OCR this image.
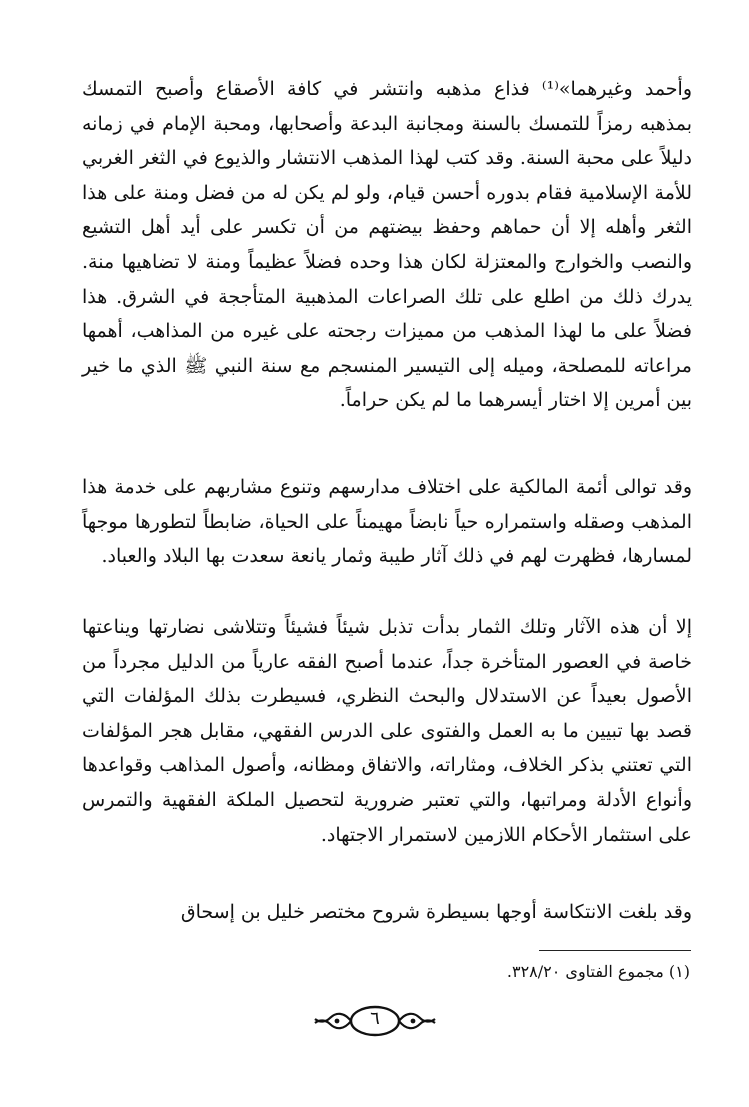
وأحمد وغيرهما»⁽¹⁾ فذاع مذهبه وانتشر في كافة الأصقاع وأصبح التمسك بمذهبه رمزاً للتمسك بالسنة ومجانبة البدعة وأصحابها، ومحبة الإمام في زمانه دليلاً على محبة السنة. وقد كتب لهذا المذهب الانتشار والذيوع في الثغر الغربي للأمة الإسلامية فقام بدوره أحسن قيام، ولو لم يكن له من فضل ومنة على هذا الثغر وأهله إلا أن حماهم وحفظ بيضتهم من أن تكسر على أيد أهل التشيع والنصب والخوارج والمعتزلة لكان هذا وحده فضلاً عظيماً ومنة لا تضاهيها منة. يدرك ذلك من اطلع على تلك الصراعات المذهبية المتأججة في الشرق. هذا فضلاً على ما لهذا المذهب من مميزات رجحته على غيره من المذاهب، أهمها مراعاته للمصلحة، وميله إلى التيسير المنسجم مع سنة النبي ﷺ الذي ما خير بين أمرين إلا اختار أيسرهما ما لم يكن حراماً.

وقد توالى أئمة المالكية على اختلاف مدارسهم وتنوع مشاربهم على خدمة هذا المذهب وصقله واستمراره حياً نابضاً مهيمناً على الحياة، ضابطاً لتطورها موجهاً لمسارها، فظهرت لهم في ذلك آثار طيبة وثمار يانعة سعدت بها البلاد والعباد.

إلا أن هذه الآثار وتلك الثمار بدأت تذبل شيئاً فشيئاً وتتلاشى نضارتها ويناعتها خاصة في العصور المتأخرة جداً، عندما أصبح الفقه عارياً من الدليل مجرداً من الأصول بعيداً عن الاستدلال والبحث النظري، فسيطرت بذلك المؤلفات التي قصد بها تبيين ما به العمل والفتوى على الدرس الفقهي، مقابل هجر المؤلفات التي تعتني بذكر الخلاف، ومثاراته، والاتفاق ومظانه، وأصول المذاهب وقواعدها وأنواع الأدلة ومراتبها، والتي تعتبر ضرورية لتحصيل الملكة الفقهية والتمرس على استثمار الأحكام اللازمين لاستمرار الاجتهاد.

وقد بلغت الانتكاسة أوجها بسيطرة شروح مختصر خليل بن إسحاق

(١) مجموع الفتاوى ٣٢٨/٢٠.
٦
